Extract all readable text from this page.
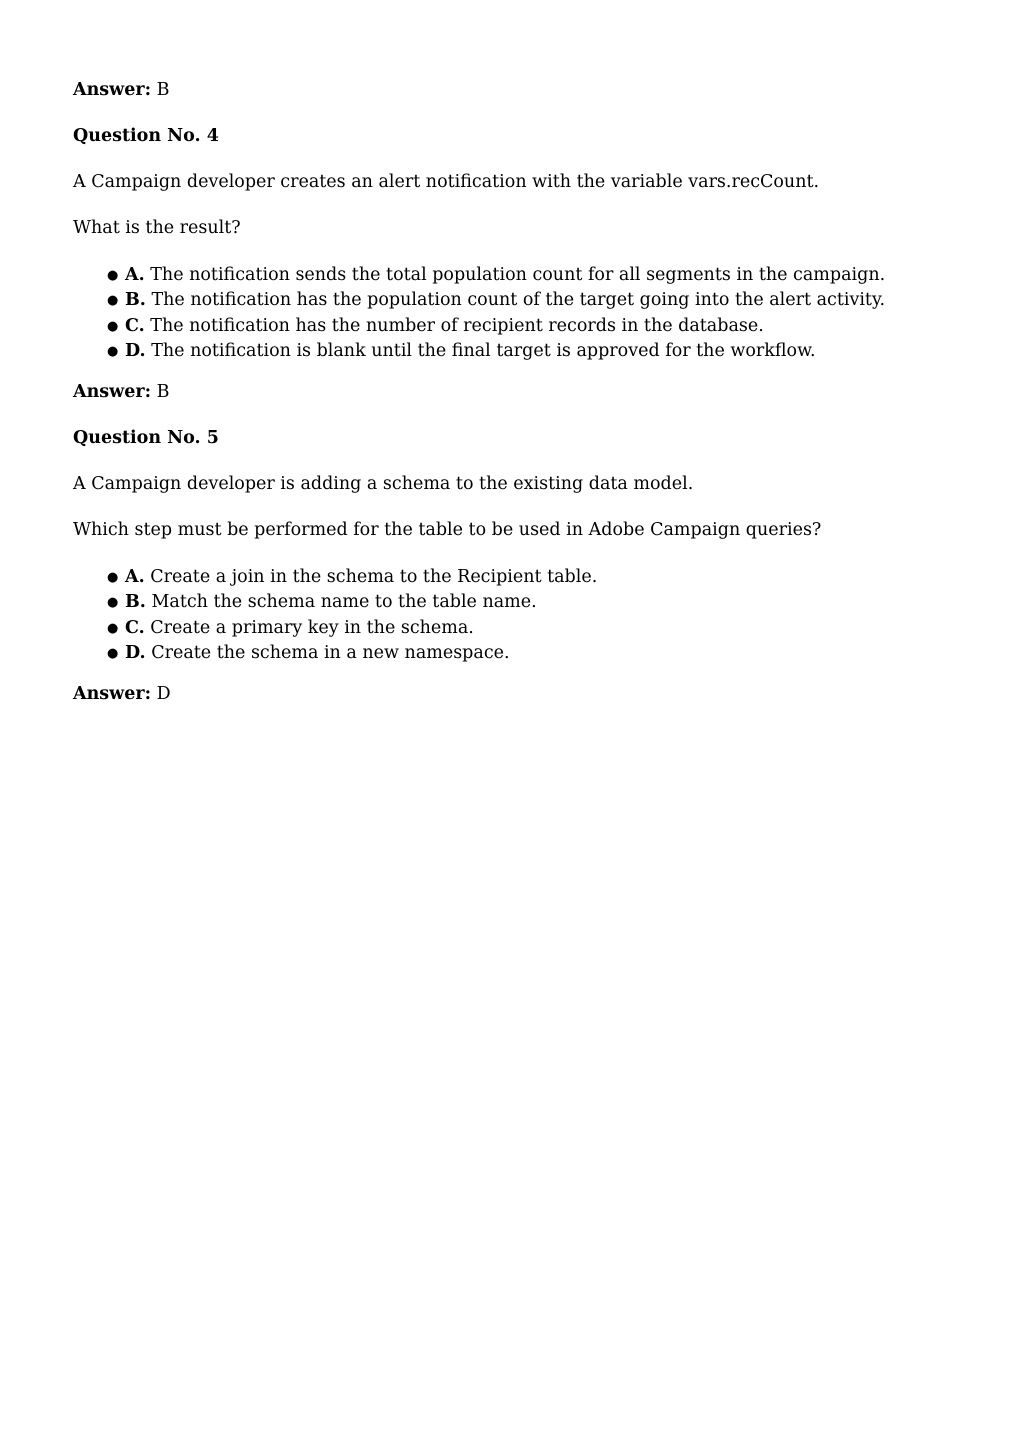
Answer: B

Question No. 4

A Campaign developer creates an alert notification with the variable vars.recCount.

What is the result?

● A. The notification sends the total population count for all segments in the campaign.
● B. The notification has the population count of the target going into the alert activity.
● C. The notification has the number of recipient records in the database.
● D. The notification is blank until the final target is approved for the workflow.

Answer: B

Question No. 5

A Campaign developer is adding a schema to the existing data model.

Which step must be performed for the table to be used in Adobe Campaign queries?

● A. Create a join in the schema to the Recipient table.
● B. Match the schema name to the table name.
● C. Create a primary key in the schema.
● D. Create the schema in a new namespace.

Answer: D
